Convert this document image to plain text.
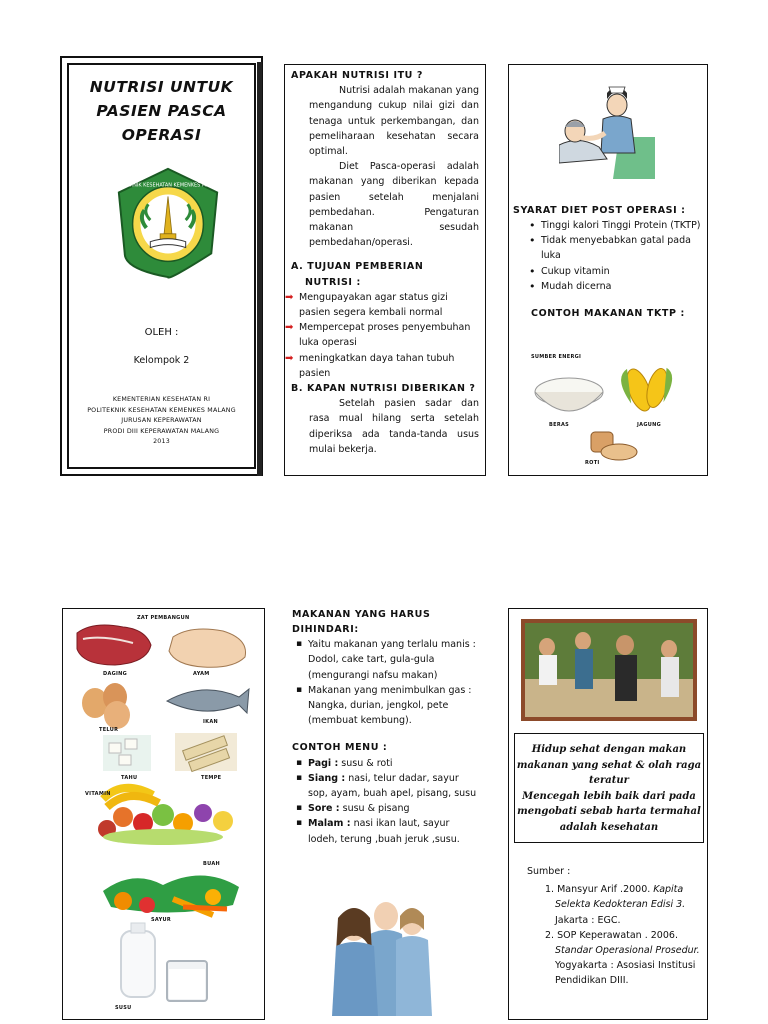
NUTRISI UNTUK
PASIEN PASCA
OPERASI
POLITEKNIK KESEHATAN KEMENKES MALANG
OLEH :
Kelompok 2
KEMENTERIAN KESEHATAN RI
POLITEKNIK KESEHATAN KEMENKES MALANG
JURUSAN KEPERAWATAN
PRODI DIII KEPERAWATAN MALANG
2013
APAKAH NUTRISI ITU ?

Nutrisi adalah makanan yang mengandung cukup nilai gizi dan tenaga untuk perkembangan, dan pemeliharaan kesehatan secara optimal.

Diet Pasca-operasi adalah makanan yang diberikan kepada pasien setelah menjalani pembedahan. Pengaturan makanan sesudah pembedahan/operasi.

A. TUJUAN PEMBERIAN
NUTRISI :
➡ Mengupayakan agar status gizi pasien segera kembali normal
➡ Mempercepat proses penyembuhan luka operasi
➡ meningkatkan daya tahan tubuh pasien
B. KAPAN NUTRISI DIBERIKAN ?

Setelah pasien sadar dan rasa mual hilang serta setelah diperiksa ada tanda-tanda usus mulai bekerja.

SYARAT DIET POST OPERASI :
• Tinggi kalori Tinggi Protein (TKTP)
• Tidak menyebabkan gatal pada luka
• Cukup vitamin
• Mudah dicerna
CONTOH MAKANAN TKTP :
SUMBER ENERGI
BERAS	JAGUNG
ROTI
ZAT PEMBANGUN
DAGING	AYAM
TELUR
IKAN
TAHU	TEMPE
VITAMIN
BUAH
SAYUR
SUSU
MAKANAN YANG HARUS
DIHINDARI:
▪ Yaitu makanan yang terlalu manis : Dodol, cake tart, gula-gula (mengurangi nafsu makan)
▪ Makanan yang menimbulkan gas : Nangka, durian, jengkol, pete (membuat kembung).
CONTOH MENU :
▪ Pagi : susu & roti
▪ Siang : nasi, telur dadar, sayur sop, ayam, buah apel, pisang, susu
▪ Sore : susu & pisang
▪ Malam : nasi ikan laut, sayur lodeh, terung ,buah jeruk ,susu.
Hidup sehat dengan makan
makanan yang sehat & olah raga
teratur
Mencegah lebih baik dari pada
mengobati sebab harta termahal
adalah kesehatan
Sumber :
1. Mansyur Arif .2000. Kapita Selekta Kedokteran Edisi 3. Jakarta : EGC.
2. SOP Keperawatan . 2006. Standar Operasional Prosedur. Yogyakarta : Asosiasi Institusi Pendidikan DIII.
